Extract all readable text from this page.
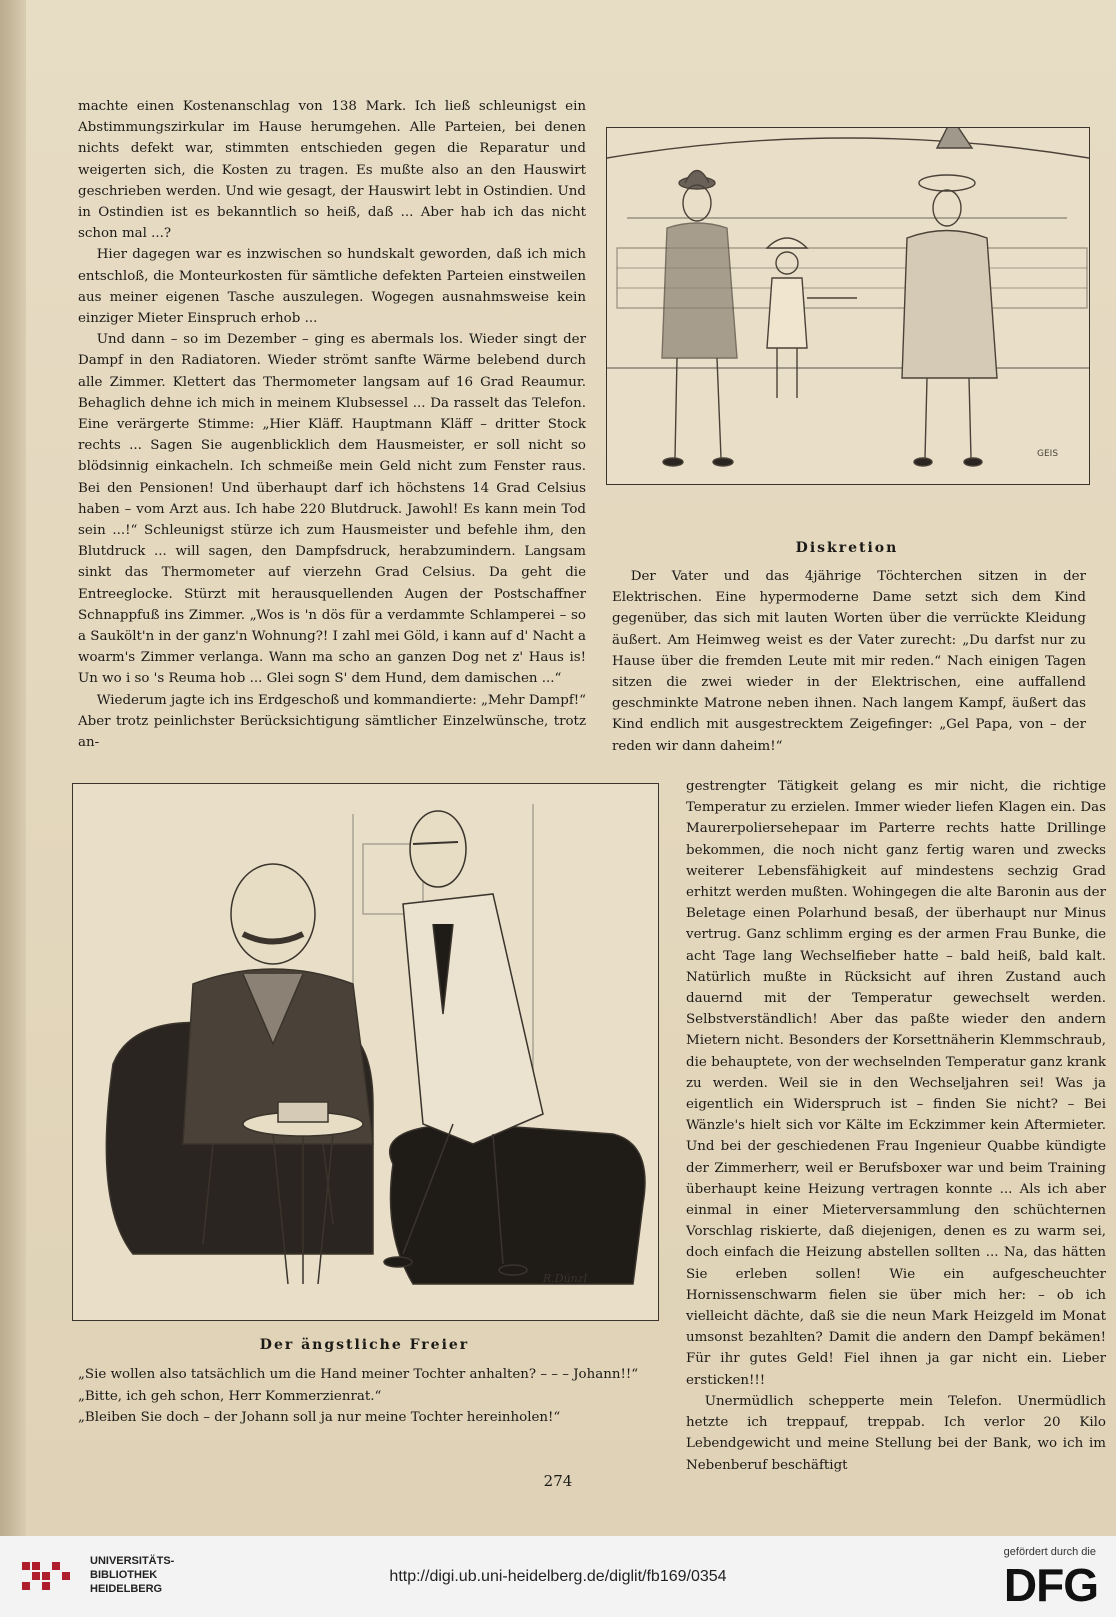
machte einen Kostenanschlag von 138 Mark. Ich ließ schleunigst ein Abstimmungszirkular im Hause herumgehen. Alle Parteien, bei denen nichts defekt war, stimmten entschieden gegen die Reparatur und weigerten sich, die Kosten zu tragen. Es mußte also an den Hauswirt geschrieben werden. Und wie gesagt, der Hauswirt lebt in Ostindien. Und in Ostindien ist es bekanntlich so heiß, daß ... Aber hab ich das nicht schon mal ...?

Hier dagegen war es inzwischen so hundskalt geworden, daß ich mich entschloß, die Monteurkosten für sämtliche defekten Parteien einstweilen aus meiner eigenen Tasche auszulegen. Wogegen ausnahmsweise kein einziger Mieter Einspruch erhob ...

Und dann – so im Dezember – ging es abermals los. Wieder singt der Dampf in den Radiatoren. Wieder strömt sanfte Wärme belebend durch alle Zimmer. Klettert das Thermometer langsam auf 16 Grad Reaumur. Behaglich dehne ich mich in meinem Klubsessel ... Da rasselt das Telefon. Eine verärgerte Stimme: „Hier Kläff. Hauptmann Kläff – dritter Stock rechts ... Sagen Sie augenblicklich dem Hausmeister, er soll nicht so blödsinnig einkacheln. Ich schmeiße mein Geld nicht zum Fenster raus. Bei den Pensionen! Und überhaupt darf ich höchstens 14 Grad Celsius haben – vom Arzt aus. Ich habe 220 Blutdruck. Jawohl! Es kann mein Tod sein ...!“ Schleunigst stürze ich zum Hausmeister und befehle ihm, den Blutdruck ... will sagen, den Dampfsdruck, herabzumindern. Langsam sinkt das Thermometer auf vierzehn Grad Celsius. Da geht die Entreeglocke. Stürzt mit herausquellenden Augen der Postschaffner Schnappfuß ins Zimmer. „Wos is 'n dös für a verdammte Schlamperei – so a Saukölt'n in der ganz'n Wohnung?! I zahl mei Göld, i kann auf d' Nacht a woarm's Zimmer verlanga. Wann ma scho an ganzen Dog net z' Haus is! Un wo i so 's Reuma hob ... Glei sogn S' dem Hund, dem damischen ...“

Wiederum jagte ich ins Erdgeschoß und kommandierte: „Mehr Dampf!“ Aber trotz peinlichster Berücksichtigung sämtlicher Einzelwünsche, trotz an-

GEIS
Diskretion

Der Vater und das 4jährige Töchterchen sitzen in der Elektrischen. Eine hypermoderne Dame setzt sich dem Kind gegenüber, das sich mit lauten Worten über die verrückte Kleidung äußert. Am Heimweg weist es der Vater zurecht: „Du darfst nur zu Hause über die fremden Leute mit mir reden.“ Nach einigen Tagen sitzen die zwei wieder in der Elektrischen, eine auffallend geschminkte Matrone neben ihnen. Nach langem Kampf, äußert das Kind endlich mit ausgestrecktem Zeigefinger: „Gel Papa, von – der reden wir dann daheim!“

R.Dünzl
Der ängstliche Freier
„Sie wollen also tatsächlich um die Hand meiner Tochter anhalten? – – – Johann!!“
„Bitte, ich geh schon, Herr Kommerzienrat.“
„Bleiben Sie doch – der Johann soll ja nur meine Tochter hereinholen!“

gestrengter Tätigkeit gelang es mir nicht, die richtige Temperatur zu erzielen. Immer wieder liefen Klagen ein. Das Maurerpoliersehepaar im Parterre rechts hatte Drillinge bekommen, die noch nicht ganz fertig waren und zwecks weiterer Lebensfähigkeit auf mindestens sechzig Grad erhitzt werden mußten. Wohingegen die alte Baronin aus der Beletage einen Polarhund besaß, der überhaupt nur Minus vertrug. Ganz schlimm erging es der armen Frau Bunke, die acht Tage lang Wechselfieber hatte – bald heiß, bald kalt. Natürlich mußte in Rücksicht auf ihren Zustand auch dauernd mit der Temperatur gewechselt werden. Selbstverständlich! Aber das paßte wieder den andern Mietern nicht. Besonders der Korsettnäherin Klemmschraub, die behauptete, von der wechselnden Temperatur ganz krank zu werden. Weil sie in den Wechseljahren sei! Was ja eigentlich ein Widerspruch ist – finden Sie nicht? – Bei Wänzle's hielt sich vor Kälte im Eckzimmer kein Aftermieter. Und bei der geschiedenen Frau Ingenieur Quabbe kündigte der Zimmerherr, weil er Berufsboxer war und beim Training überhaupt keine Heizung vertragen konnte ... Als ich aber einmal in einer Mieterversammlung den schüchternen Vorschlag riskierte, daß diejenigen, denen es zu warm sei, doch einfach die Heizung abstellen sollten ... Na, das hätten Sie erleben sollen! Wie ein aufgescheuchter Hornissenschwarm fielen sie über mich her: – ob ich vielleicht dächte, daß sie die neun Mark Heizgeld im Monat umsonst bezahlten? Damit die andern den Dampf bekämen! Für ihr gutes Geld! Fiel ihnen ja gar nicht ein. Lieber ersticken!!!

Unermüdlich schepperte mein Telefon. Unermüdlich hetzte ich treppauf, treppab. Ich verlor 20 Kilo Lebendgewicht und meine Stellung bei der Bank, wo ich im Nebenberuf beschäftigt

274
UNIVERSITÄTS-
BIBLIOTHEK
HEIDELBERG
http://digi.ub.uni-heidelberg.de/diglit/fb169/0354
gefördert durch die
DFG
